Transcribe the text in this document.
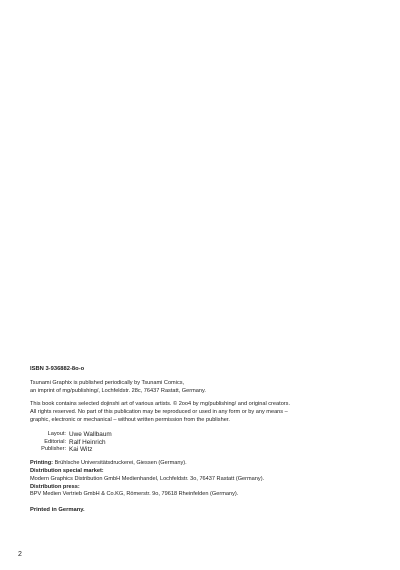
ISBN 3-936882-8o-o

Tsunami Graphix is published periodically by Tsunami Comics,

an imprint of mg/publishing/, Lochfeldstr. 28c, 76437 Rastatt, Germany.

This book contains selected dojinshi art of various artists. © 2oo4 by mg/publishing/ and original creators.

All rights reserved. No part of this publication may be reproduced or used in any form or by any means –

graphic, electronic or mechanical – without written permission from the publisher.

Layout: Uwe Wallbaum
Editorial: Ralf Heinrich
Publisher: Kai Witz

Printing: Brühlsche Universitätsdruckerei, Giessen (Germany).

Distribution special market:

Modern Graphics Distribution GmbH Medienhandel, Lochfeldstr. 3o, 76437 Rastatt (Germany).

Distribution press:

BPV Medien Vertrieb GmbH & Co.KG, Römerstr. 9o, 79618 Rheinfelden (Germany).

Printed in Germany.

2
